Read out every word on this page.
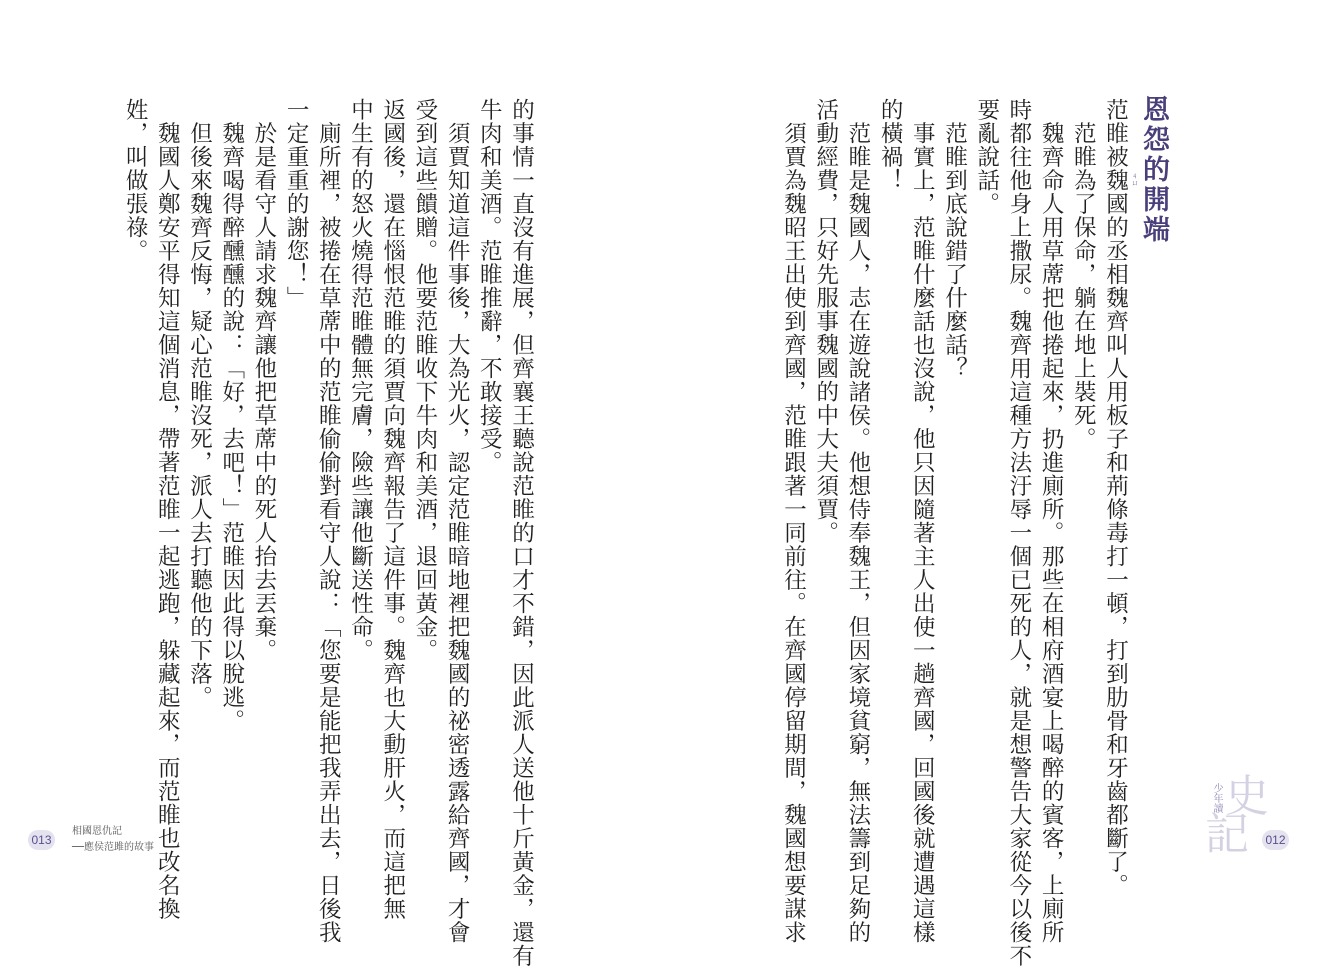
恩怨的開端
ㄐㄩ

范睢被魏國的丞相魏齊叫人用板子和荊條毒打一頓，打到肋骨和牙齒都斷了。

　范睢為了保命，躺在地上裝死。

　魏齊命人用草蓆把他捲起來，扔進廁所。那些在相府酒宴上喝醉的賓客，上廁所

時都往他身上撒尿。魏齊用這種方法汙辱一個已死的人，就是想警告大家從今以後不

要亂說話。

　范睢到底說錯了什麼話？

　事實上，范睢什麼話也沒說，他只因隨著主人出使一趟齊國，回國後就遭遇這樣

的橫禍！

　范睢是魏國人，志在遊說諸侯。他想侍奉魏王，但因家境貧窮，無法籌到足夠的

活動經費，只好先服事魏國的中大夫須賈。

　須賈為魏昭王出使到齊國，范睢跟著一同前往。在齊國停留期間，魏國想要謀求

的事情一直沒有進展，但齊襄王聽說范睢的口才不錯，因此派人送他十斤黃金，還有

牛肉和美酒。范睢推辭，不敢接受。

　須賈知道這件事後，大為光火，認定范睢暗地裡把魏國的祕密透露給齊國，才會

受到這些饋贈。他要范睢收下牛肉和美酒，退回黃金。

返國後，還在惱恨范睢的須賈向魏齊報告了這件事。魏齊也大動肝火，而這把無

中生有的怒火燒得范睢體無完膚，險些讓他斷送性命。

　廁所裡，被捲在草蓆中的范睢偷偷對看守人說：「您要是能把我弄出去，日後我

一定重重的謝您！」

　於是看守人請求魏齊讓他把草蓆中的死人抬去丟棄。

　魏齊喝得醉醺醺的說：「好，去吧！」范睢因此得以脫逃。

　但後來魏齊反悔，疑心范睢沒死，派人去打聽他的下落。

　魏國人鄭安平得知這個消息，帶著范睢一起逃跑，躲藏起來，而范睢也改名換

姓，叫做張祿。

史
記
少年讀
012
013
相國恩仇記
──應侯范雎的故事
